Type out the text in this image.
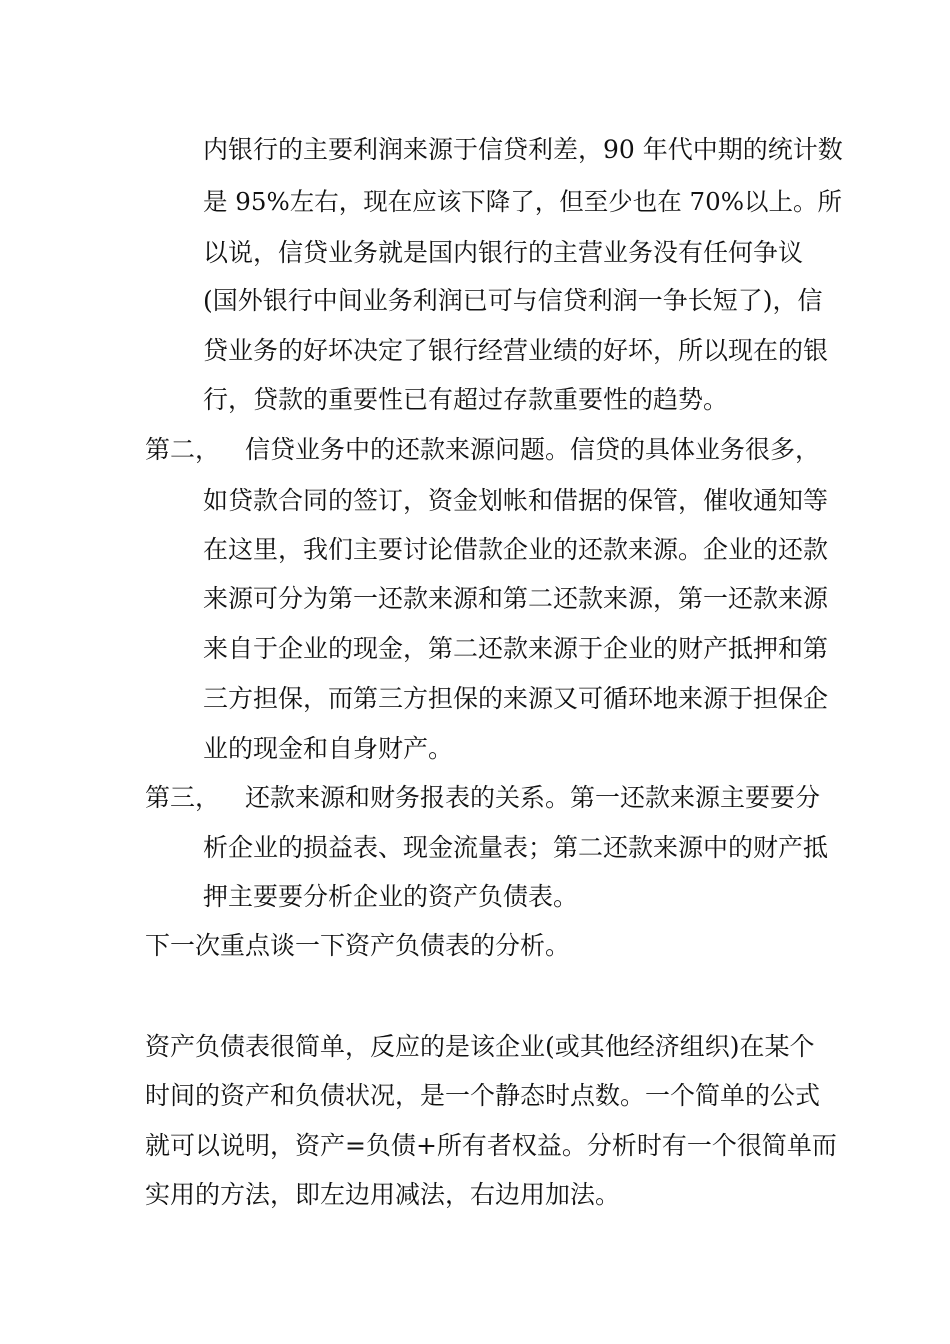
内银行的主要利润来源于信贷利差，90 年代中期的统计数
是 95%左右，现在应该下降了，但至少也在 70%以上。所
以说，信贷业务就是国内银行的主营业务没有任何争议
(国外银行中间业务利润已可与信贷利润一争长短了)，信
贷业务的好坏决定了银行经营业绩的好坏，所以现在的银
行，贷款的重要性已有超过存款重要性的趋势。
第二， 信贷业务中的还款来源问题。信贷的具体业务很多，
如贷款合同的签订，资金划帐和借据的保管，催收通知等
在这里，我们主要讨论借款企业的还款来源。企业的还款
来源可分为第一还款来源和第二还款来源，第一还款来源
来自于企业的现金，第二还款来源于企业的财产抵押和第
三方担保，而第三方担保的来源又可循环地来源于担保企
业的现金和自身财产。
第三， 还款来源和财务报表的关系。第一还款来源主要要分
析企业的损益表、现金流量表；第二还款来源中的财产抵
押主要要分析企业的资产负债表。
下一次重点谈一下资产负债表的分析。
资产负债表很简单，反应的是该企业(或其他经济组织)在某个
时间的资产和负债状况，是一个静态时点数。一个简单的公式
就可以说明，资产=负债+所有者权益。分析时有一个很简单而
实用的方法，即左边用减法，右边用加法。
